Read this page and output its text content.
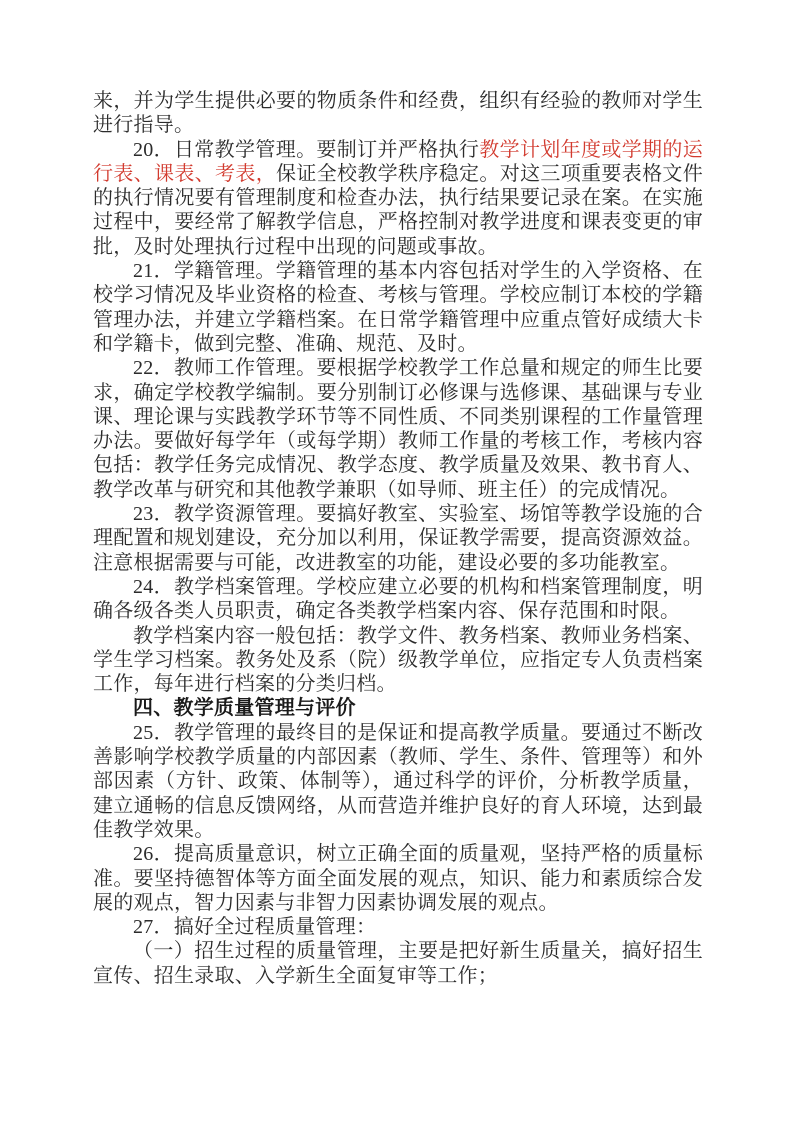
来，并为学生提供必要的物质条件和经费，组织有经验的教师对学生进行指导。

20．日常教学管理。要制订并严格执行教学计划年度或学期的运行表、课表、考表，保证全校教学秩序稳定。对这三项重要表格文件的执行情况要有管理制度和检查办法，执行结果要记录在案。在实施过程中，要经常了解教学信息，严格控制对教学进度和课表变更的审批，及时处理执行过程中出现的问题或事故。

21．学籍管理。学籍管理的基本内容包括对学生的入学资格、在校学习情况及毕业资格的检查、考核与管理。学校应制订本校的学籍管理办法，并建立学籍档案。在日常学籍管理中应重点管好成绩大卡和学籍卡，做到完整、准确、规范、及时。

22．教师工作管理。要根据学校教学工作总量和规定的师生比要求，确定学校教学编制。要分别制订必修课与选修课、基础课与专业课、理论课与实践教学环节等不同性质、不同类别课程的工作量管理办法。要做好每学年（或每学期）教师工作量的考核工作，考核内容包括：教学任务完成情况、教学态度、教学质量及效果、教书育人、教学改革与研究和其他教学兼职（如导师、班主任）的完成情况。

23．教学资源管理。要搞好教室、实验室、场馆等教学设施的合理配置和规划建设，充分加以利用，保证教学需要，提高资源效益。注意根据需要与可能，改进教室的功能，建设必要的多功能教室。

24．教学档案管理。学校应建立必要的机构和档案管理制度，明确各级各类人员职责，确定各类教学档案内容、保存范围和时限。

教学档案内容一般包括：教学文件、教务档案、教师业务档案、学生学习档案。教务处及系（院）级教学单位，应指定专人负责档案工作，每年进行档案的分类归档。

四、教学质量管理与评价

25．教学管理的最终目的是保证和提高教学质量。要通过不断改善影响学校教学质量的内部因素（教师、学生、条件、管理等）和外部因素（方针、政策、体制等），通过科学的评价，分析教学质量，建立通畅的信息反馈网络，从而营造并维护良好的育人环境，达到最佳教学效果。

26．提高质量意识，树立正确全面的质量观，坚持严格的质量标准。要坚持德智体等方面全面发展的观点，知识、能力和素质综合发展的观点，智力因素与非智力因素协调发展的观点。

27．搞好全过程质量管理：

（一）招生过程的质量管理，主要是把好新生质量关，搞好招生宣传、招生录取、入学新生全面复审等工作；
